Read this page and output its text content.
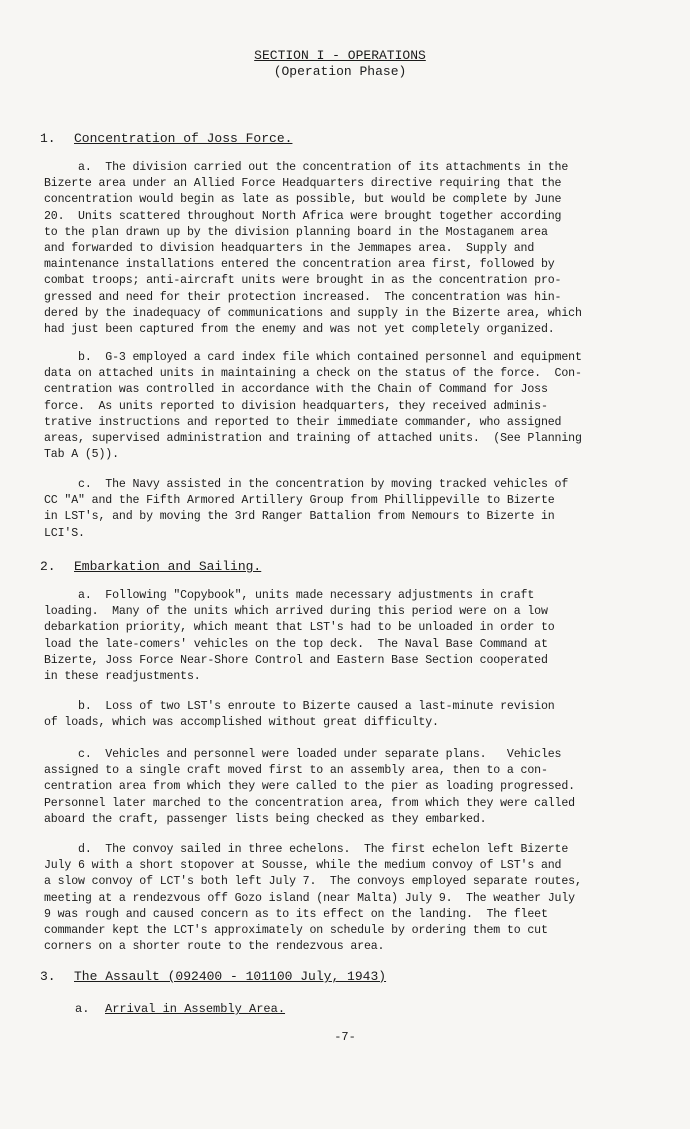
SECTION I - OPERATIONS
(Operation Phase)
1. Concentration of Joss Force.
a.  The division carried out the concentration of its attachments in the
Bizerte area under an Allied Force Headquarters directive requiring that the
concentration would begin as late as possible, but would be complete by June
20.  Units scattered throughout North Africa were brought together according
to the plan drawn up by the division planning board in the Mostaganem area
and forwarded to division headquarters in the Jemmapes area.  Supply and
maintenance installations entered the concentration area first, followed by
combat troops; anti-aircraft units were brought in as the concentration pro-
gressed and need for their protection increased.  The concentration was hin-
dered by the inadequacy of communications and supply in the Bizerte area, which
had just been captured from the enemy and was not yet completely organized.
b.  G-3 employed a card index file which contained personnel and equipment
data on attached units in maintaining a check on the status of the force.  Con-
centration was controlled in accordance with the Chain of Command for Joss
force.  As units reported to division headquarters, they received adminis-
trative instructions and reported to their immediate commander, who assigned
areas, supervised administration and training of attached units.  (See Planning
Tab A (5)).
c.  The Navy assisted in the concentration by moving tracked vehicles of
CC "A" and the Fifth Armored Artillery Group from Phillippeville to Bizerte
in LST's, and by moving the 3rd Ranger Battalion from Nemours to Bizerte in
LCI'S.
2. Embarkation and Sailing.
a.  Following "Copybook", units made necessary adjustments in craft
loading.  Many of the units which arrived during this period were on a low
debarkation priority, which meant that LST's had to be unloaded in order to
load the late-comers' vehicles on the top deck.  The Naval Base Command at
Bizerte, Joss Force Near-Shore Control and Eastern Base Section cooperated
in these readjustments.
b.  Loss of two LST's enroute to Bizerte caused a last-minute revision
of loads, which was accomplished without great difficulty.
c.  Vehicles and personnel were loaded under separate plans.   Vehicles
assigned to a single craft moved first to an assembly area, then to a con-
centration area from which they were called to the pier as loading progressed.
Personnel later marched to the concentration area, from which they were called
aboard the craft, passenger lists being checked as they embarked.
d.  The convoy sailed in three echelons.  The first echelon left Bizerte
July 6 with a short stopover at Sousse, while the medium convoy of LST's and
a slow convoy of LCT's both left July 7.  The convoys employed separate routes,
meeting at a rendezvous off Gozo island (near Malta) July 9.  The weather July
9 was rough and caused concern as to its effect on the landing.  The fleet
commander kept the LCT's approximately on schedule by ordering them to cut
corners on a shorter route to the rendezvous area.
3. The Assault (092400 - 101100 July, 1943)
a. Arrival in Assembly Area.
-7-
